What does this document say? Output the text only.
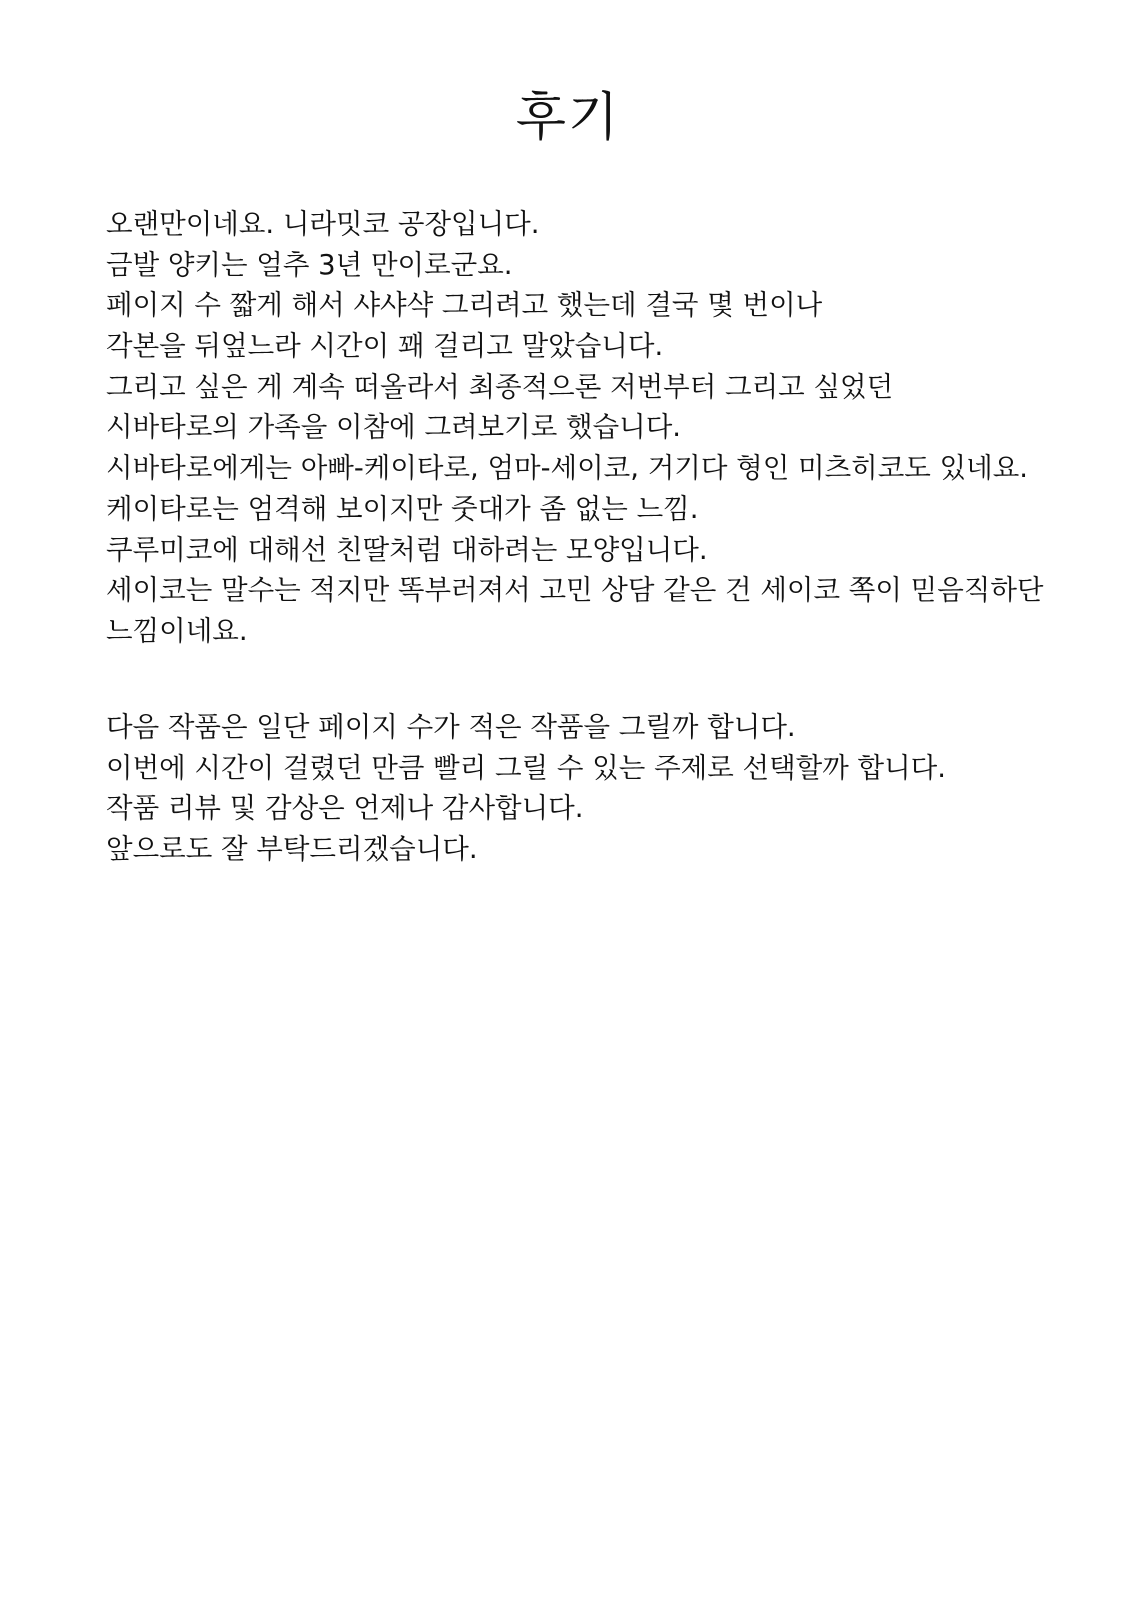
후기
오랜만이네요. 니라밋코 공장입니다.
금발 양키는 얼추 3년 만이로군요.
페이지 수 짧게 해서 샤샤샥 그리려고 했는데 결국 몇 번이나
각본을 뒤엎느라 시간이 꽤 걸리고 말았습니다.
그리고 싶은 게 계속 떠올라서 최종적으론 저번부터 그리고 싶었던
시바타로의 가족을 이참에 그려보기로 했습니다.
시바타로에게는 아빠-케이타로, 엄마-세이코, 거기다 형인 미츠히코도 있네요.
케이타로는 엄격해 보이지만 줏대가 좀 없는 느낌.
쿠루미코에 대해선 친딸처럼 대하려는 모양입니다.
세이코는 말수는 적지만 똑부러져서 고민 상담 같은 건 세이코 쪽이 믿음직하단
느낌이네요.
다음 작품은 일단 페이지 수가 적은 작품을 그릴까 합니다.
이번에 시간이 걸렸던 만큼 빨리 그릴 수 있는 주제로 선택할까 합니다.
작품 리뷰 및 감상은 언제나 감사합니다.
앞으로도 잘 부탁드리겠습니다.
